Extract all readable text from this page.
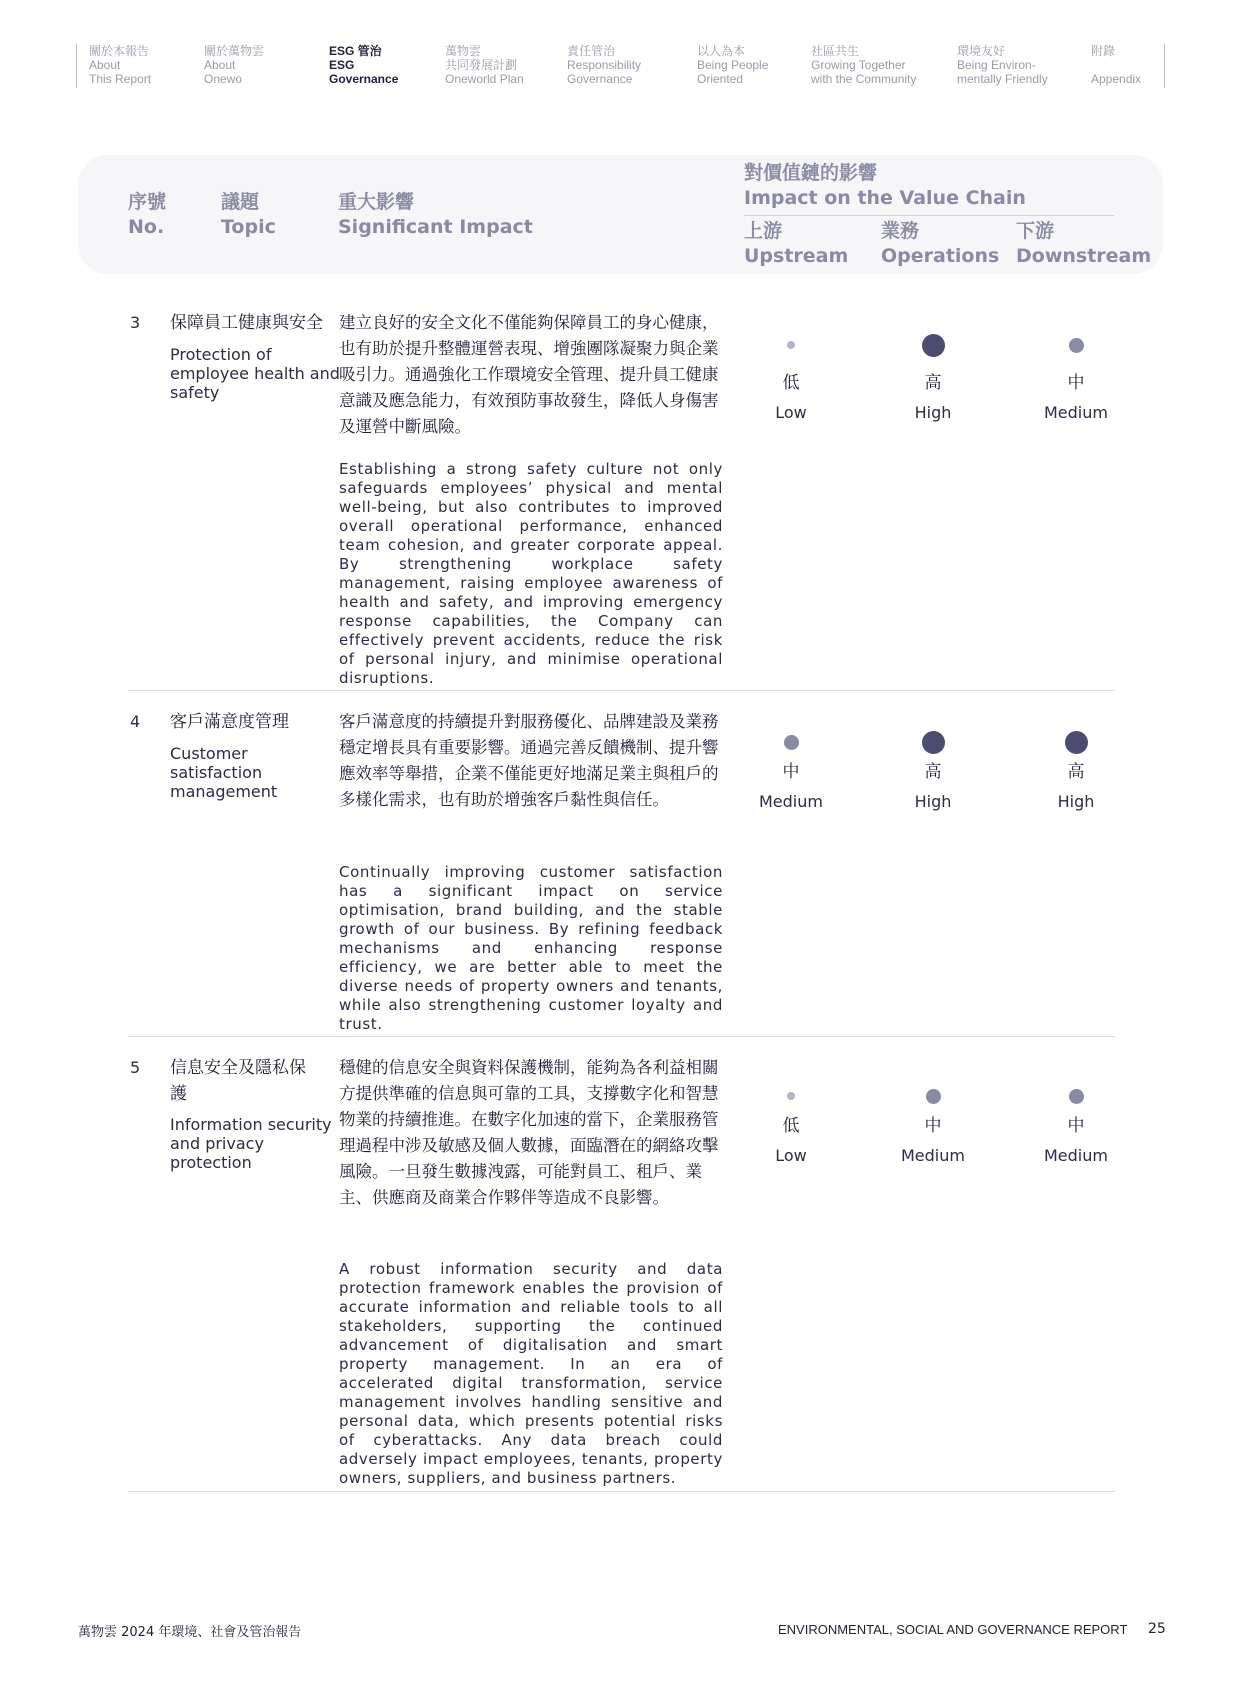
關於本報告
About
This Report
關於萬物雲
About
Onewo
ESG 管治
ESG
Governance
萬物雲
共同發展計劃
Oneworld Plan
責任管治
Responsibility
Governance
以人為本
Being People
Oriented
社區共生
Growing Together
with the Community
環境友好
Being Environ-
mentally Friendly
附錄

Appendix
序號
No.
議題
Topic
重大影響
Significant Impact
對價值鏈的影響
Impact on the Value Chain
上游
Upstream
業務
Operations
下游
Downstream
3 保障員工健康與安全
Protection of employee health and safety
建立良好的安全文化不僅能夠保障員工的身心健康，也有助於提升整體運營表現、增強團隊凝聚力與企業吸引力。通過強化工作環境安全管理、提升員工健康意識及應急能力，有效預防事故發生，降低人身傷害及運營中斷風險。
Establishing a strong safety culture not only safeguards employees’ physical and mental well-being, but also contributes to improved overall operational performance, enhanced team cohesion, and greater corporate appeal. By strengthening workplace safety management, raising employee awareness of health and safety, and improving emergency response capabilities, the Company can effectively prevent accidents, reduce the risk of personal injury, and minimise operational disruptions.
低
Low
高
High
中
Medium
4 客戶滿意度管理
Customer satisfaction management
客戶滿意度的持續提升對服務優化、品牌建設及業務穩定增長具有重要影響。通過完善反饋機制、提升響應效率等舉措，企業不僅能更好地滿足業主與租戶的多樣化需求，也有助於增強客戶黏性與信任。
Continually improving customer satisfaction has a significant impact on service optimisation, brand building, and the stable growth of our business. By refining feedback mechanisms and enhancing response efficiency, we are better able to meet the diverse needs of property owners and tenants, while also strengthening customer loyalty and trust.
中
Medium
高
High
高
High
5 信息安全及隱私保護
Information security and privacy protection
穩健的信息安全與資料保護機制，能夠為各利益相關方提供準確的信息與可靠的工具，支撐數字化和智慧物業的持續推進。在數字化加速的當下，企業服務管理過程中涉及敏感及個人數據，面臨潛在的網絡攻擊風險。一旦發生數據洩露，可能對員工、租戶、業主、供應商及商業合作夥伴等造成不良影響。
A robust information security and data protection framework enables the provision of accurate information and reliable tools to all stakeholders, supporting the continued advancement of digitalisation and smart property management. In an era of accelerated digital transformation, service management involves handling sensitive and personal data, which presents potential risks of cyberattacks. Any data breach could adversely impact employees, tenants, property owners, suppliers, and business partners.
低
Low
中
Medium
中
Medium
萬物雲 2024 年環境、社會及管治報告	ENVIRONMENTAL, SOCIAL AND GOVERNANCE REPORT 25
